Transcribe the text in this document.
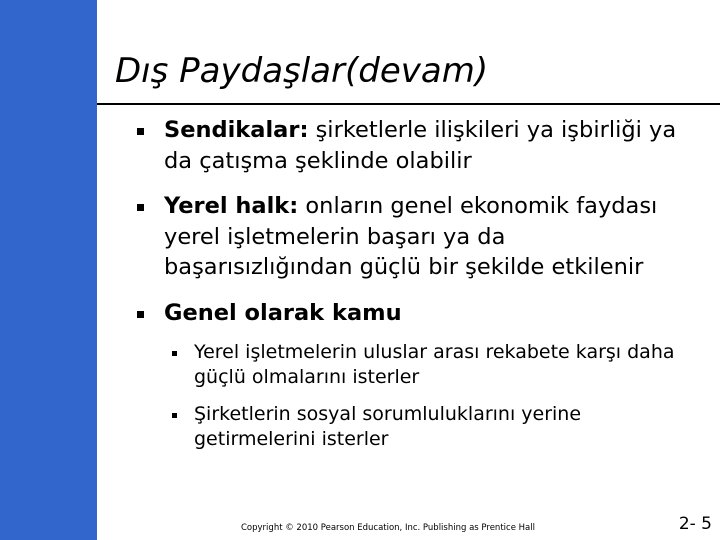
Dış Paydaşlar(devam)
Sendikalar: şirketlerle ilişkileri ya işbirliği ya da çatışma şeklinde olabilir
Yerel halk: onların genel ekonomik faydası yerel işletmelerin başarı ya da başarısızlığından güçlü bir şekilde etkilenir
Genel olarak kamu
Yerel işletmelerin uluslar arası rekabete karşı daha güçlü olmalarını isterler
Şirketlerin sosyal sorumluluklarını yerine getirmelerini isterler
Copyright © 2010 Pearson Education, Inc. Publishing as Prentice Hall	2- 5
